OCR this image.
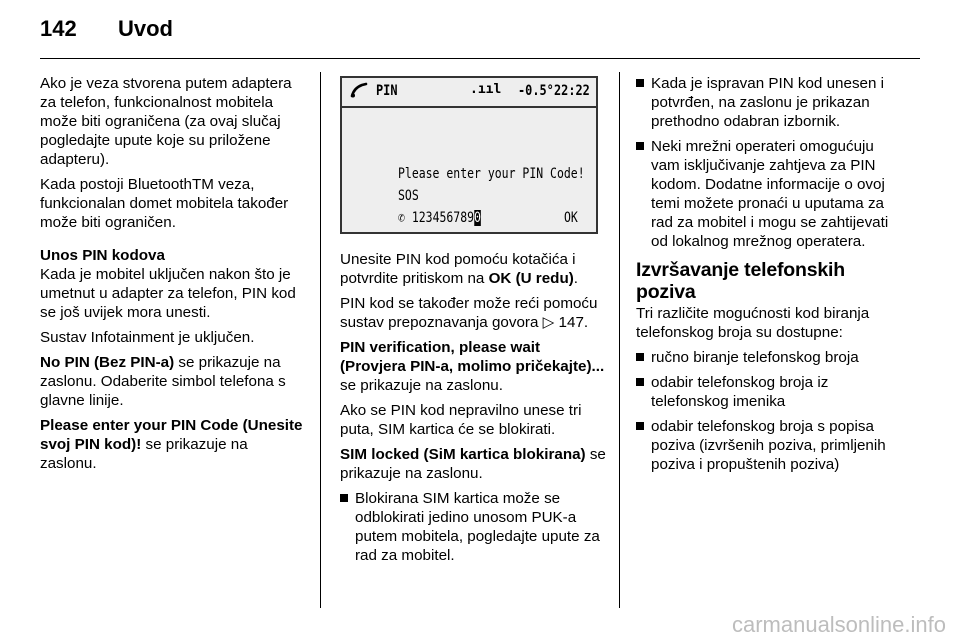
142	Uvod

Ako je veza stvorena putem adaptera za telefon, funkcionalnost mobitela može biti ograničena (za ovaj slučaj pogledajte upute koje su priložene adapteru).

Kada postoji BluetoothTM veza, funkcionalan domet mobitela također može biti ograničen.

Unos PIN kodova

Kada je mobitel uključen nakon što je umetnut u adapter za telefon, PIN kod se još uvijek mora unesti.

Sustav Infotainment je uključen.

No PIN (Bez PIN-a) se prikazuje na zaslonu. Odaberite simbol telefona s glavne linije.

Please enter your PIN Code (Unesite svoj PIN kod)! se prikazuje na zaslonu.

PIN	.ııl -0.5° 22:22
Please enter your PIN Code!
SOS
✆ 1234567890	OK

Unesite PIN kod pomoću kotačića i potvrdite pritiskom na OK (U redu).

PIN kod se također može reći pomoću sustav prepoznavanja govora ▷ 147.

PIN verification, please wait (Provjera PIN-a, molimo pričekajte)... se prikazuje na zaslonu.

Ako se PIN kod nepravilno unese tri puta, SIM kartica će se blokirati.

SIM locked (SiM kartica blokirana) se prikazuje na zaslonu.

Blokirana SIM kartica može se odblokirati jedino unosom PUK-a putem mobitela, pogledajte upute za rad za mobitel.
Kada je ispravan PIN kod unesen i potvrđen, na zaslonu je prikazan prethodno odabran izbornik.
Neki mrežni operateri omogućuju vam isključivanje zahtjeva za PIN kodom. Dodatne informacije o ovoj temi možete pronaći u uputama za rad za mobitel i mogu se zahtijevati od lokalnog mrežnog operatera.
Izvršavanje telefonskih poziva

Tri različite mogućnosti kod biranja telefonskog broja su dostupne:

ručno biranje telefonskog broja
odabir telefonskog broja iz telefonskog imenika
odabir telefonskog broja s popisa poziva (izvršenih poziva, primljenih poziva i propuštenih poziva)
carmanualsonline.info
